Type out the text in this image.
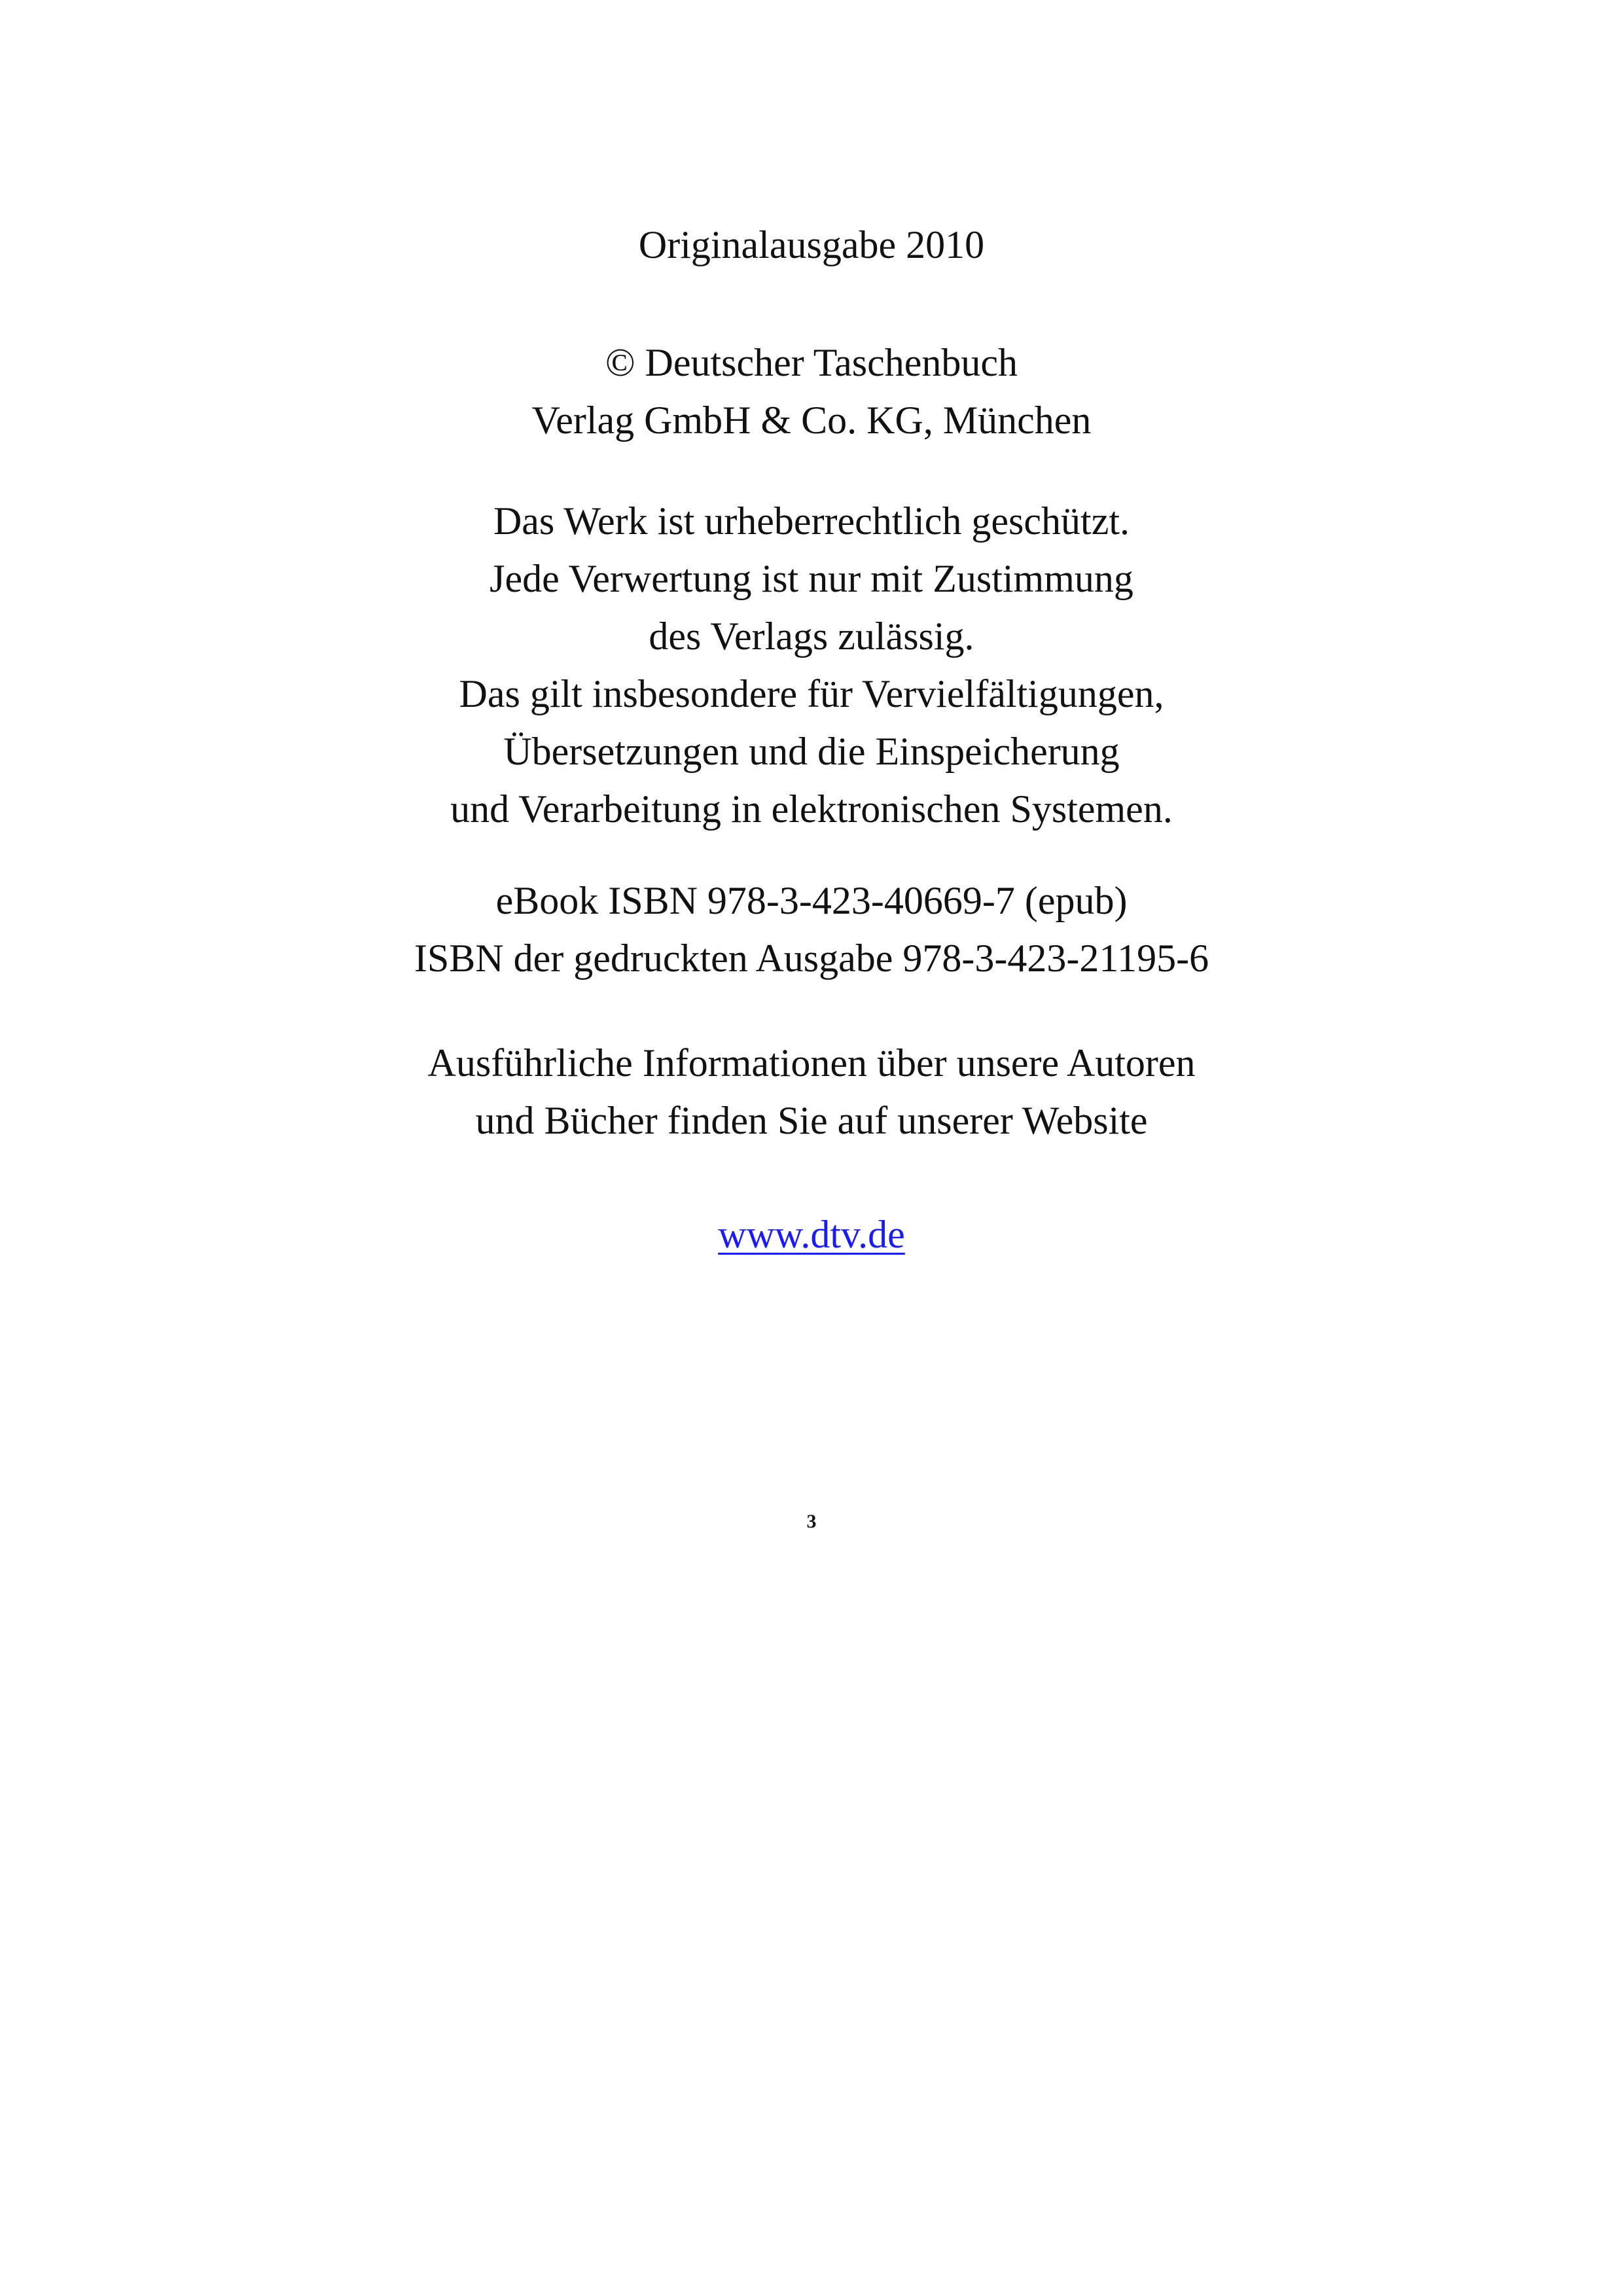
Originalausgabe 2010
© Deutscher Taschenbuch
Verlag GmbH & Co. KG, München
Das Werk ist urheberrechtlich geschützt.
Jede Verwertung ist nur mit Zustimmung
des Verlags zulässig.
Das gilt insbesondere für Vervielfältigungen,
Übersetzungen und die Einspeicherung
und Verarbeitung in elektronischen Systemen.
eBook ISBN 978-3-423-40669-7 (epub)
ISBN der gedruckten Ausgabe 978-3-423-21195-6
Ausführliche Informationen über unsere Autoren
und Bücher finden Sie auf unserer Website
www.dtv.de
3
